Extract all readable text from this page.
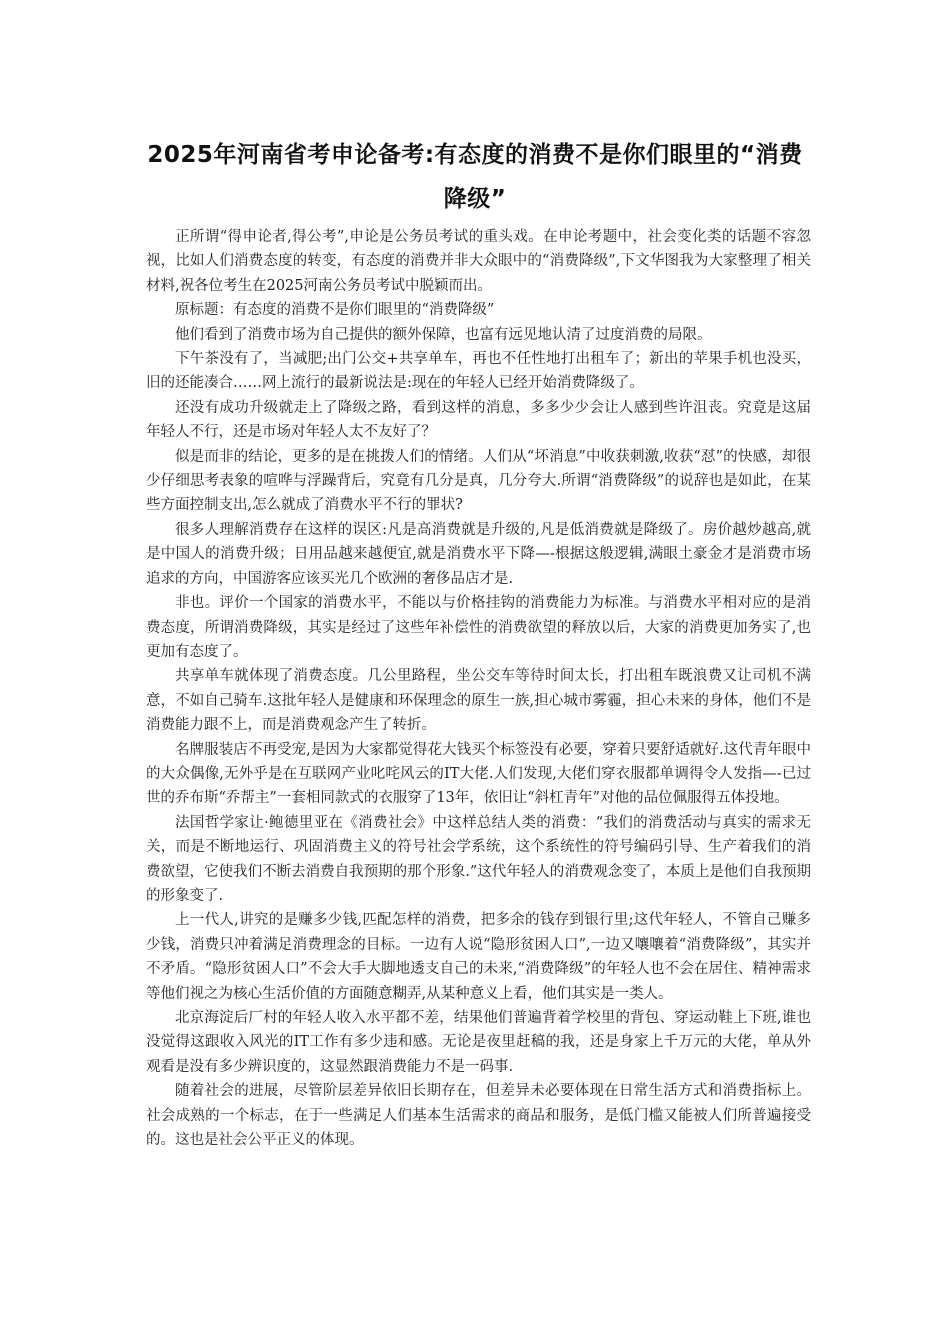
2025年河南省考申论备考:有态度的消费不是你们眼里的“消费降级”

正所谓“得申论者,得公考”,申论是公务员考试的重头戏。在申论考题中，社会变化类的话题不容忽视，比如人们消费态度的转变，有态度的消费并非大众眼中的“消费降级”,下文华图我为大家整理了相关材料,祝各位考生在2025河南公务员考试中脱颖而出。

原标题：有态度的消费不是你们眼里的“消费降级”

他们看到了消费市场为自己提供的额外保障，也富有远见地认清了过度消费的局限。

下午茶没有了，当减肥;出门公交+共享单车，再也不任性地打出租车了；新出的苹果手机也没买，旧的还能凑合……网上流行的最新说法是:现在的年轻人已经开始消费降级了。

还没有成功升级就走上了降级之路，看到这样的消息，多多少少会让人感到些许沮丧。究竟是这届年轻人不行，还是市场对年轻人太不友好了？

似是而非的结论，更多的是在挑拨人们的情绪。人们从“坏消息”中收获刺激,收获“怼”的快感，却很少仔细思考表象的喧哗与浮躁背后，究竟有几分是真，几分夸大.所谓“消费降级”的说辞也是如此，在某些方面控制支出,怎么就成了消费水平不行的罪状?

很多人理解消费存在这样的误区:凡是高消费就是升级的,凡是低消费就是降级了。房价越炒越高,就是中国人的消费升级；日用品越来越便宜,就是消费水平下降—-根据这般逻辑,满眼土豪金才是消费市场追求的方向，中国游客应该买光几个欧洲的奢侈品店才是.

非也。评价一个国家的消费水平，不能以与价格挂钩的消费能力为标准。与消费水平相对应的是消费态度，所谓消费降级，其实是经过了这些年补偿性的消费欲望的释放以后，大家的消费更加务实了,也更加有态度了。

共享单车就体现了消费态度。几公里路程，坐公交车等待时间太长，打出租车既浪费又让司机不满意，不如自己骑车.这批年轻人是健康和环保理念的原生一族,担心城市雾霾，担心未来的身体，他们不是消费能力跟不上，而是消费观念产生了转折。

名牌服装店不再受宠,是因为大家都觉得花大钱买个标签没有必要，穿着只要舒适就好.这代青年眼中的大众偶像,无外乎是在互联网产业叱咤风云的IT大佬.人们发现,大佬们穿衣服都单调得令人发指—-已过世的乔布斯“乔帮主”一套相同款式的衣服穿了13年，依旧让“斜杠青年”对他的品位佩服得五体投地。

法国哲学家让·鲍德里亚在《消费社会》中这样总结人类的消费：“我们的消费活动与真实的需求无关，而是不断地运行、巩固消费主义的符号社会学系统，这个系统性的符号编码引导、生产着我们的消费欲望，它使我们不断去消费自我预期的那个形象.”这代年轻人的消费观念变了，本质上是他们自我预期的形象变了.

上一代人,讲究的是赚多少钱,匹配怎样的消费，把多余的钱存到银行里;这代年轻人，不管自己赚多少钱，消费只冲着满足消费理念的目标。一边有人说“隐形贫困人口”,一边又嚷嚷着“消费降级”，其实并不矛盾。“隐形贫困人口”不会大手大脚地透支自己的未来,“消费降级”的年轻人也不会在居住、精神需求等他们视之为核心生活价值的方面随意糊弄,从某种意义上看，他们其实是一类人。

北京海淀后厂村的年轻人收入水平都不差，结果他们普遍背着学校里的背包、穿运动鞋上下班,谁也没觉得这跟收入风光的IT工作有多少违和感。无论是夜里赶稿的我，还是身家上千万元的大佬，单从外观看是没有多少辨识度的，这显然跟消费能力不是一码事.

随着社会的进展，尽管阶层差异依旧长期存在，但差异未必要体现在日常生活方式和消费指标上。社会成熟的一个标志，在于一些满足人们基本生活需求的商品和服务，是低门槛又能被人们所普遍接受的。这也是社会公平正义的体现。
